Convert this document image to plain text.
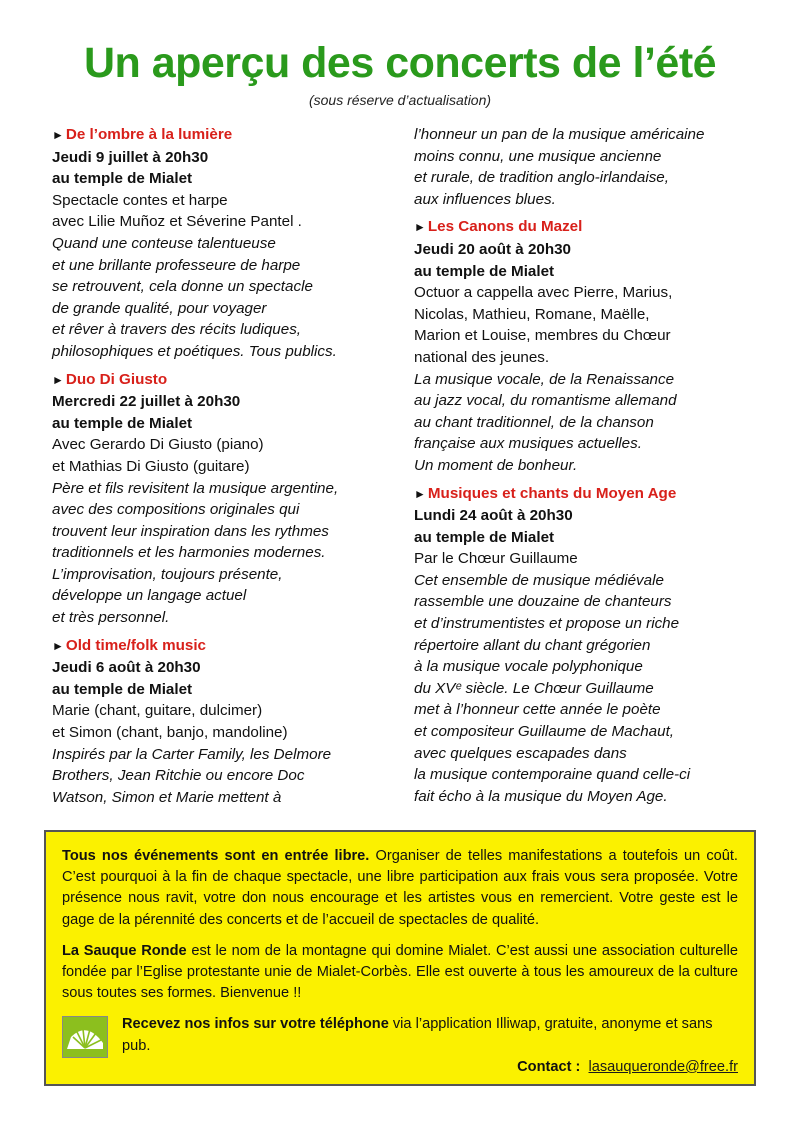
Un aperçu des concerts de l’été
(sous réserve d’actualisation)
► De l’ombre à la lumière
Jeudi 9 juillet à 20h30
au temple de Mialet
Spectacle contes et harpe
avec Lilie Muñoz et Séverine Pantel .
Quand une conteuse talentueuse
et une brillante professeure de harpe
se retrouvent, cela donne un spectacle
de grande qualité, pour voyager
et rêver à travers des récits ludiques,
philosophiques et poétiques. Tous publics.
► Duo Di Giusto
Mercredi 22 juillet à 20h30
au temple de Mialet
Avec Gerardo Di Giusto (piano)
et Mathias Di Giusto (guitare)
Père et fils revisitent la musique argentine,
avec des compositions originales qui
trouvent leur inspiration dans les rythmes
traditionnels et les harmonies modernes.
L’improvisation, toujours présente,
développe un langage actuel
et très personnel.
► Old time/folk music
Jeudi 6 août à 20h30
au temple de Mialet
Marie (chant, guitare, dulcimer)
et Simon (chant, banjo, mandoline)
Inspirés par la Carter Family, les Delmore
Brothers, Jean Ritchie ou encore Doc
Watson, Simon et Marie mettent à
l’honneur un pan de la musique américaine
moins connu, une musique ancienne
et rurale, de tradition anglo-irlandaise,
aux influences blues.
► Les Canons du Mazel
Jeudi 20 août à 20h30
au temple de Mialet
Octuor a cappella avec Pierre, Marius,
Nicolas, Mathieu, Romane, Maëlle,
Marion et Louise, membres du Chœur
national des jeunes.
La musique vocale, de la Renaissance
au jazz vocal, du romantisme allemand
au chant traditionnel, de la chanson
française aux musiques actuelles.
Un moment de bonheur.
► Musiques et chants du Moyen Age
Lundi 24 août à 20h30
au temple de Mialet
Par le Chœur Guillaume
Cet ensemble de musique médiévale
rassemble une douzaine de chanteurs
et d’instrumentistes et propose un riche
répertoire allant du chant grégorien
à la musique vocale polyphonique
du XVᵉ siècle. Le Chœur Guillaume
met à l’honneur cette année le poète
et compositeur Guillaume de Machaut,
avec quelques escapades dans
la musique contemporaine quand celle-ci
fait écho à la musique du Moyen Age.

Tous nos événements sont en entrée libre. Organiser de telles manifestations a toutefois un coût. C’est pourquoi à la fin de chaque spectacle, une libre participation aux frais vous sera proposée. Votre présence nous ravit, votre don nous encourage et les artistes vous en remercient. Votre geste est le gage de la pérennité des concerts et de l’accueil de spectacles de qualité.

La Sauque Ronde est le nom de la montagne qui domine Mialet. C’est aussi une association culturelle fondée par l’Eglise protestante unie de Mialet-Corbès. Elle est ouverte à tous les amoureux de la culture sous toutes ses formes. Bienvenue !!

Recevez nos infos sur votre téléphone via l’application Illiwap, gratuite, anonyme et sans pub.
Contact : lasauqueronde@free.fr
